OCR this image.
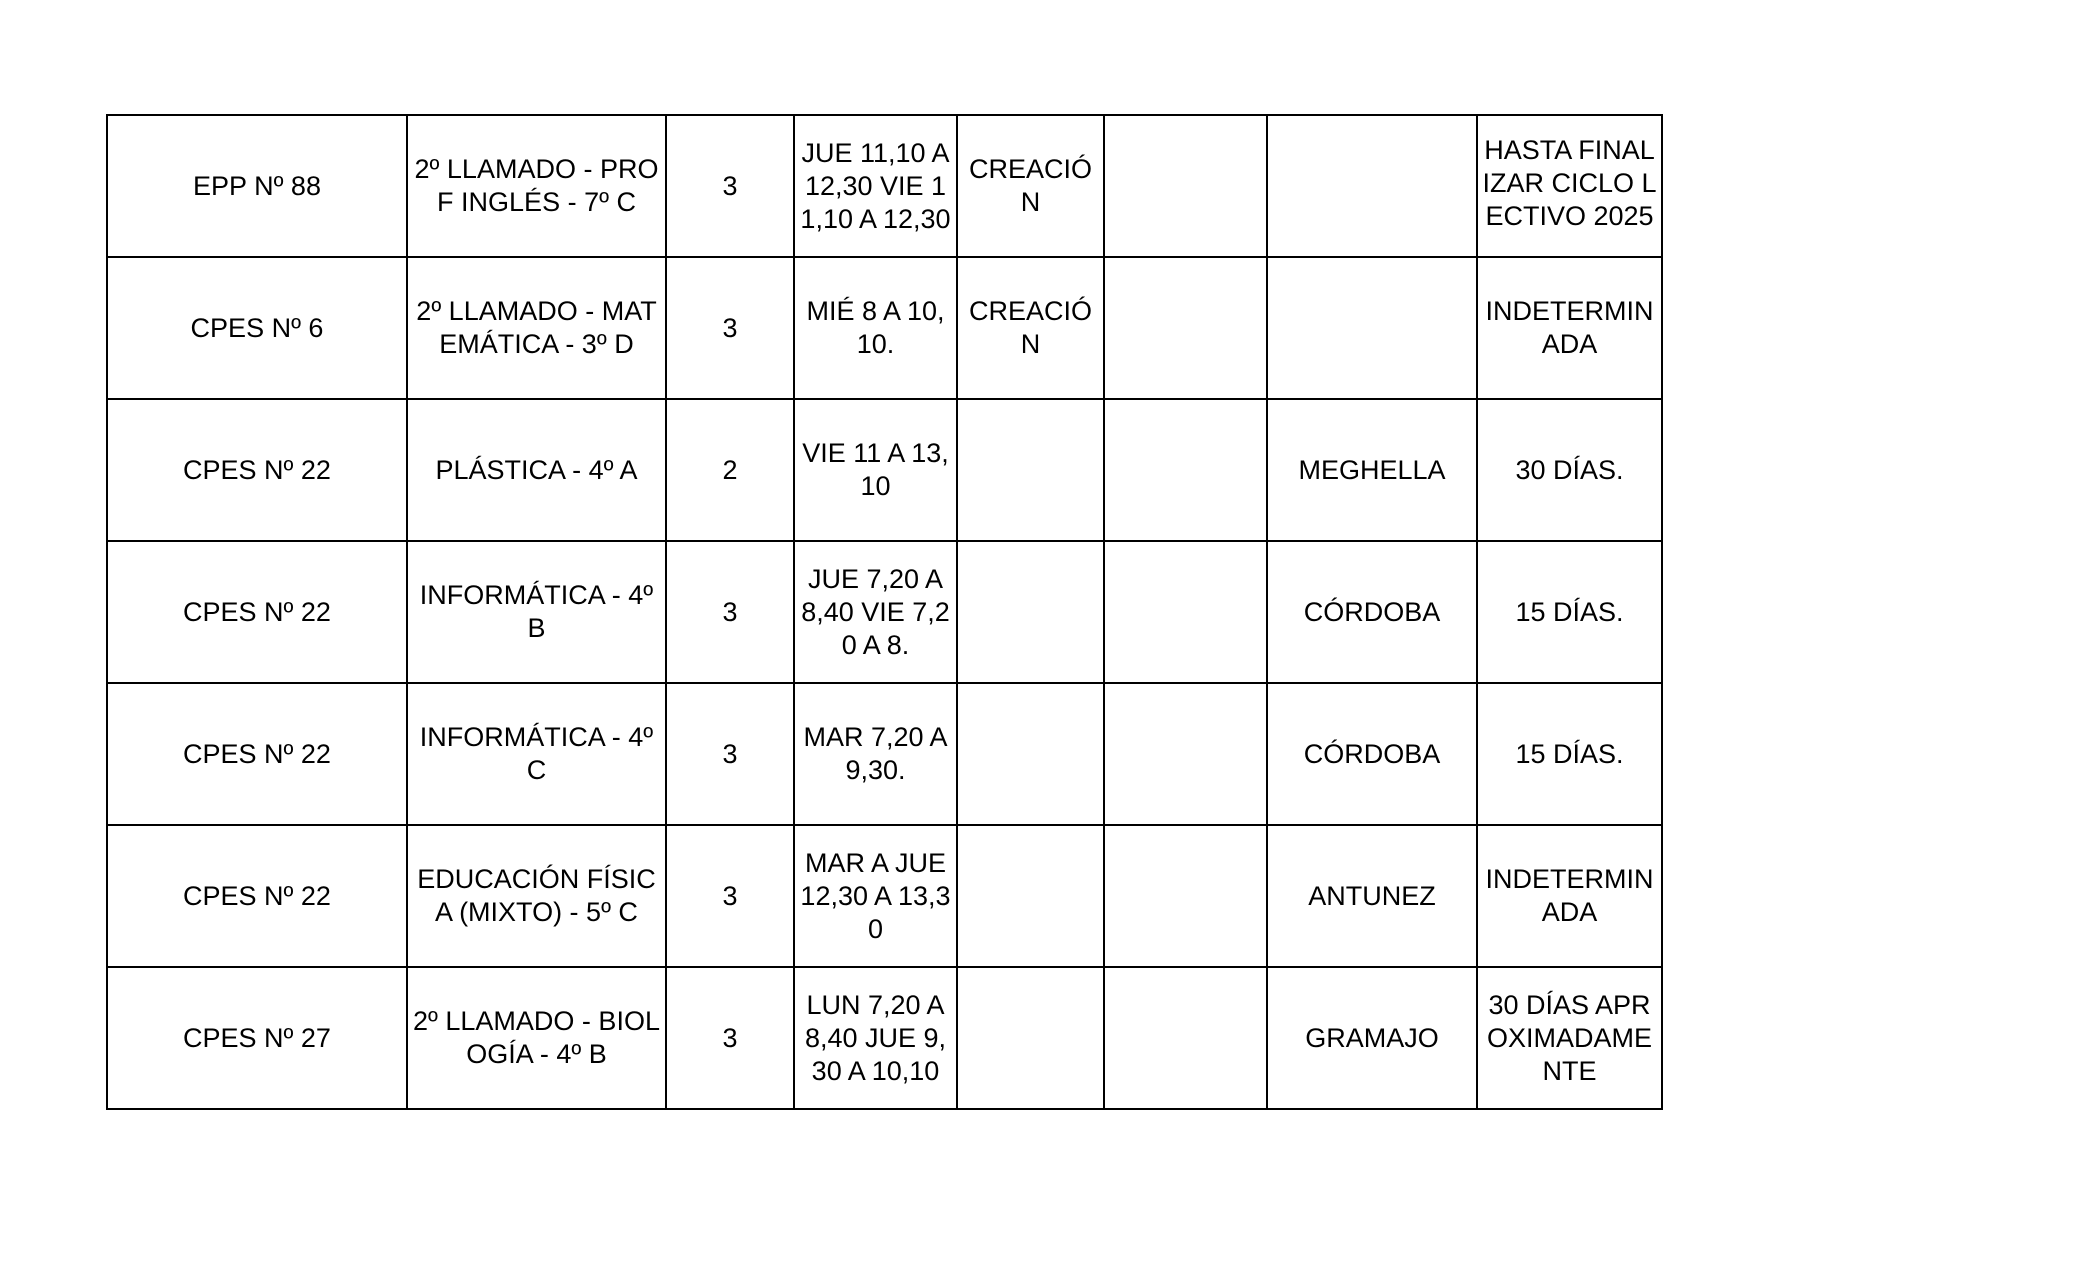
EPP Nº 88	2º LLAMADO - PROF INGLÉS - 7º C	3	JUE 11,10 A 12,30 VIE 11,10 A 12,30	CREACIÓN			HASTA FINALIZAR CICLO LECTIVO 2025

CPES Nº 6	2º LLAMADO - MATEMÁTICA - 3º D	3	MIÉ 8 A 10,10.	CREACIÓN			INDETERMINADA
CPES Nº 22	PLÁSTICA - 4º A	2	VIE 11 A 13,10			MEGHELLA	30 DÍAS.
CPES Nº 22	INFORMÁTICA - 4º B	3	JUE 7,20 A 8,40 VIE 7,20 A 8.			CÓRDOBA	15 DÍAS.
CPES Nº 22	INFORMÁTICA - 4º C	3	MAR 7,20 A 9,30.			CÓRDOBA	15 DÍAS.
CPES Nº 22	EDUCACIÓN FÍSICA (MIXTO) - 5º C	3	MAR A JUE 12,30 A 13,30			ANTUNEZ	INDETERMINADA
CPES Nº 27	2º LLAMADO - BIOLOGÍA - 4º B	3	LUN 7,20 A 8,40 JUE 9,30 A 10,10			GRAMAJO	30 DÍAS APROXIMADAMENTE
